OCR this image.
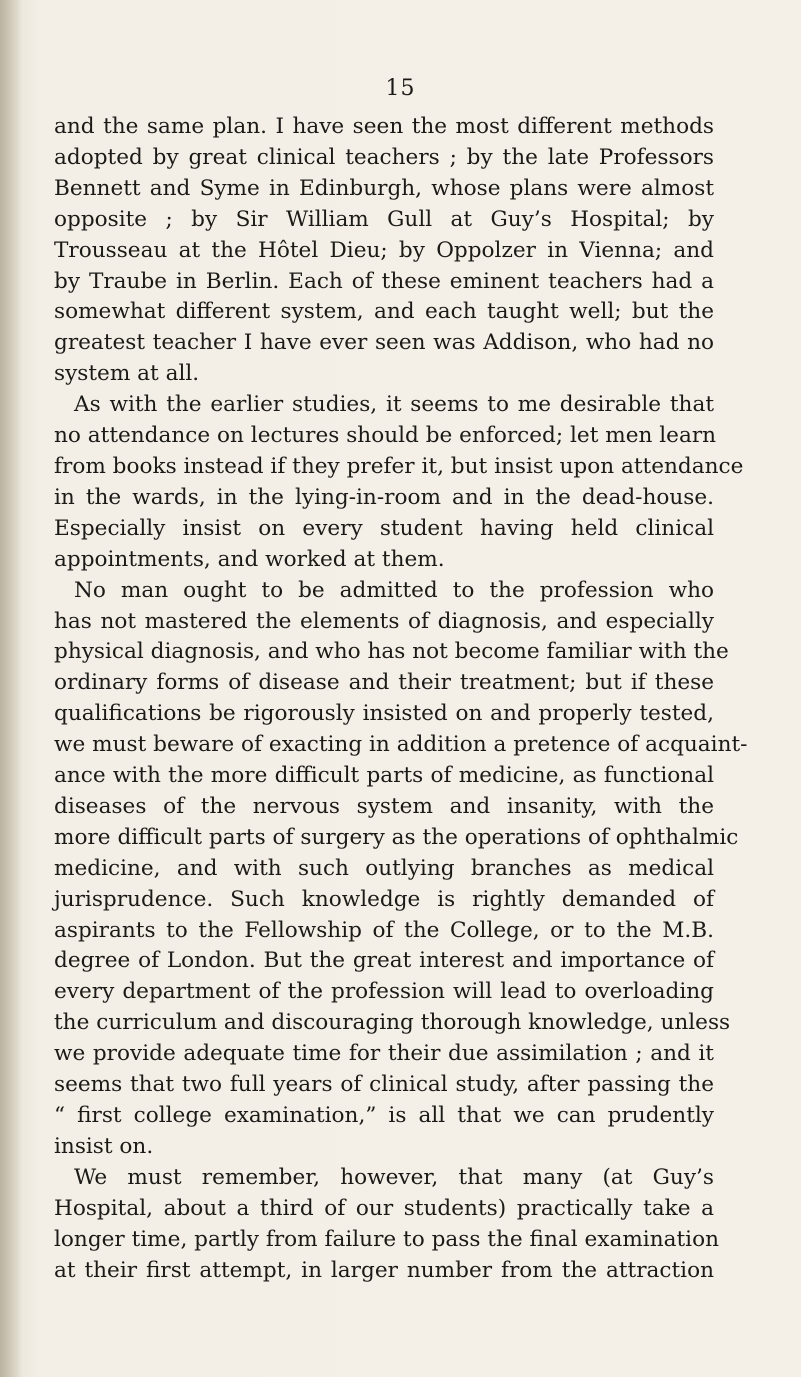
15

and the same plan. I have seen the most different methods
adopted by great clinical teachers ; by the late Professors
Bennett and Syme in Edinburgh, whose plans were almost
opposite ; by Sir William Gull at Guy’s Hospital; by
Trousseau at the Hôtel Dieu; by Oppolzer in Vienna; and
by Traube in Berlin. Each of these eminent teachers had a
somewhat different system, and each taught well; but the
greatest teacher I have ever seen was Addison, who had no
system at all.

As with the earlier studies, it seems to me desirable that
no attendance on lectures should be enforced; let men learn
from books instead if they prefer it, but insist upon attendance
in the wards, in the lying-in-room and in the dead-house.
Especially insist on every student having held clinical
appointments, and worked at them.

No man ought to be admitted to the profession who
has not mastered the elements of diagnosis, and especially
physical diagnosis, and who has not become familiar with the
ordinary forms of disease and their treatment; but if these
qualifications be rigorously insisted on and properly tested,
we must beware of exacting in addition a pretence of acquaint-
ance with the more difficult parts of medicine, as functional
diseases of the nervous system and insanity, with the
more difficult parts of surgery as the operations of ophthalmic
medicine, and with such outlying branches as medical
jurisprudence. Such knowledge is rightly demanded of
aspirants to the Fellowship of the College, or to the M.B.
degree of London. But the great interest and importance of
every department of the profession will lead to overloading
the curriculum and discouraging thorough knowledge, unless
we provide adequate time for their due assimilation ; and it
seems that two full years of clinical study, after passing the
“ first college examination,” is all that we can prudently
insist on.

We must remember, however, that many (at Guy’s
Hospital, about a third of our students) practically take a
longer time, partly from failure to pass the final examination
at their first attempt, in larger number from the attraction
